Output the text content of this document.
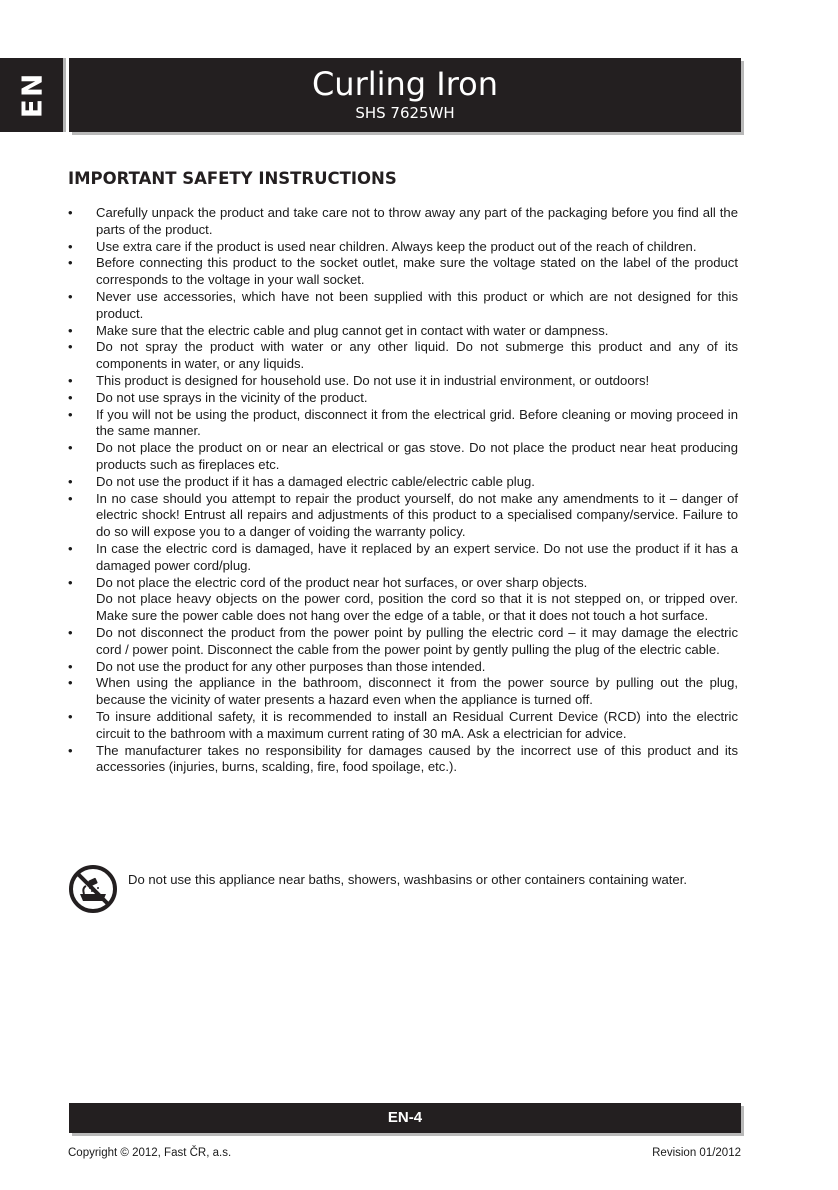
EN	Curling Iron
SHS 7625WH
IMPORTANT SAFETY INSTRUCTIONS
• Carefully unpack the product and take care not to throw away any part of the packaging before you find all the parts of the product.
• Use extra care if the product is used near children. Always keep the product out of the reach of children.
• Before connecting this product to the socket outlet, make sure the voltage stated on the label of the product corresponds to the voltage in your wall socket.
• Never use accessories, which have not been supplied with this product or which are not designed for this product.
• Make sure that the electric cable and plug cannot get in contact with water or dampness.
• Do not spray the product with water or any other liquid. Do not submerge this product and any of its components in water, or any liquids.
• This product is designed for household use. Do not use it in industrial environment, or outdoors!
• Do not use sprays in the vicinity of the product.
• If you will not be using the product, disconnect it from the electrical grid. Before cleaning or moving proceed in the same manner.
• Do not place the product on or near an electrical or gas stove. Do not place the product near heat producing products such as fireplaces etc.
• Do not use the product if it has a damaged electric cable/electric cable plug.
• In no case should you attempt to repair the product yourself, do not make any amendments to it – danger of electric shock! Entrust all repairs and adjustments of this product to a specialised company/service. Failure to do so will expose you to a danger of voiding the warranty policy.
• In case the electric cord is damaged, have it replaced by an expert service. Do not use the product if it has a damaged power cord/plug.
• Do not place the electric cord of the product near hot surfaces, or over sharp objects.
Do not place heavy objects on the power cord, position the cord so that it is not stepped on, or tripped over. Make sure the power cable does not hang over the edge of a table, or that it does not touch a hot surface.
• Do not disconnect the product from the power point by pulling the electric cord – it may damage the electric cord / power point. Disconnect the cable from the power point by gently pulling the plug of the electric cable.
• Do not use the product for any other purposes than those intended.
• When using the appliance in the bathroom, disconnect it from the power source by pulling out the plug, because the vicinity of water presents a hazard even when the appliance is turned off.
• To insure additional safety, it is recommended to install an Residual Current Device (RCD) into the electric circuit to the bathroom with a maximum current rating of 30 mA. Ask a electrician for advice.
• The manufacturer takes no responsibility for damages caused by the incorrect use of this product and its accessories (injuries, burns, scalding, fire, food spoilage, etc.).
Do not use this appliance near baths, showers, washbasins or other containers containing water.
EN-4
Copyright © 2012, Fast ČR, a.s.	Revision 01/2012
